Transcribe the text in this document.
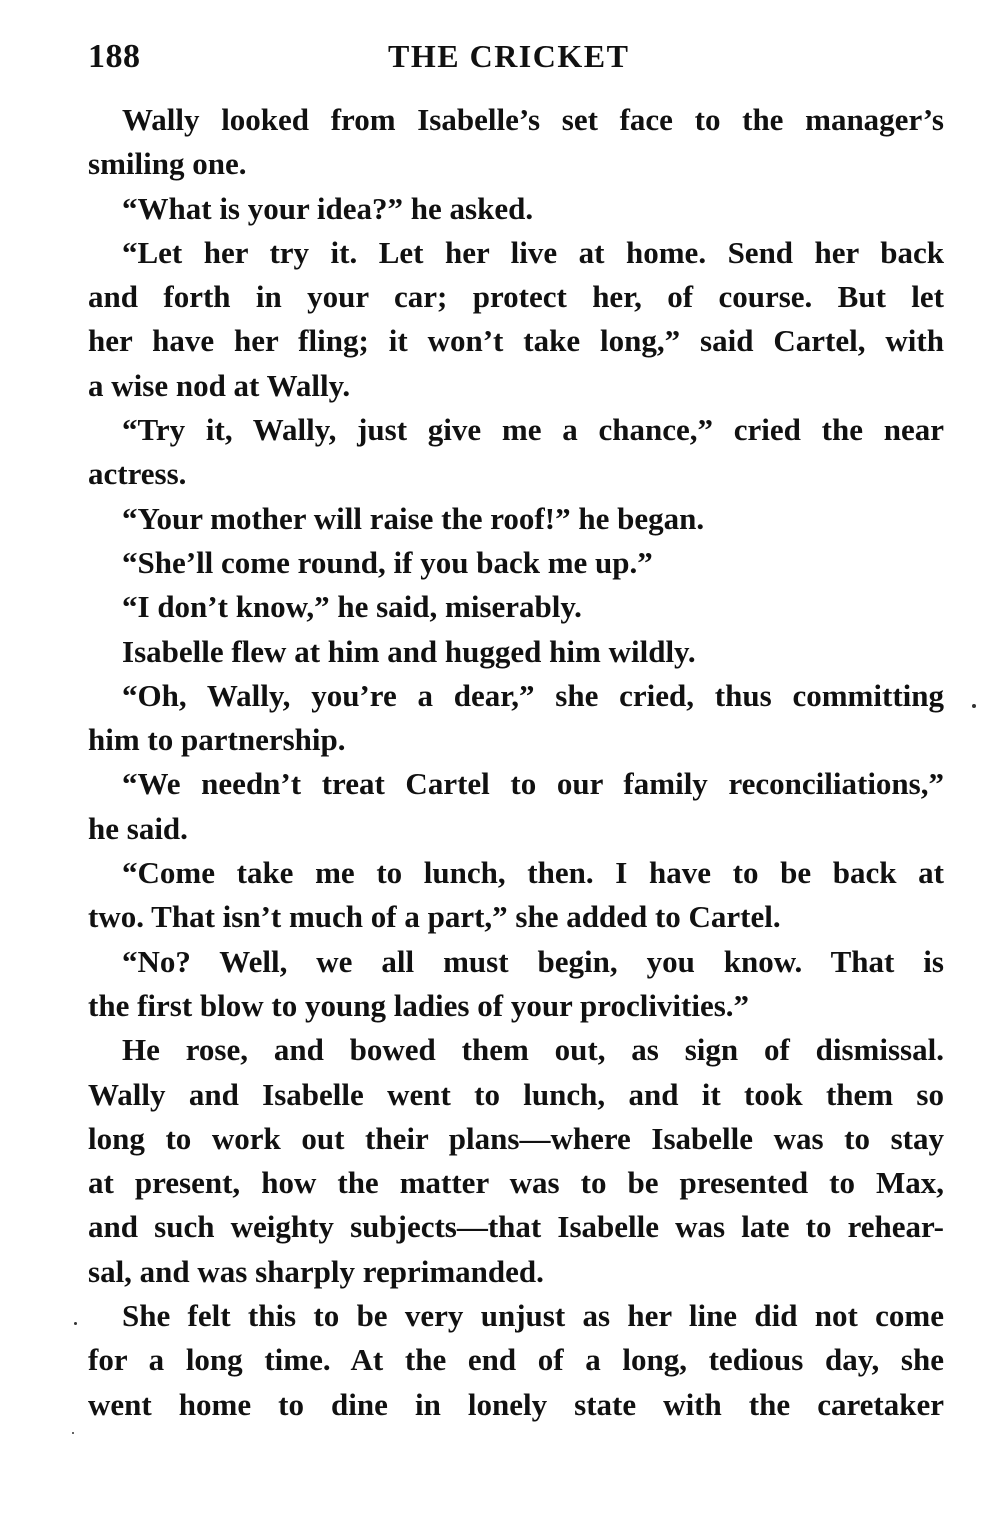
188	THE CRICKET
Wally looked from Isabelle’s set face to the manager’s
smiling one.
“What is your idea?” he asked.
“Let her try it. Let her live at home. Send her back
and forth in your car; protect her, of course. But let
her have her fling; it won’t take long,” said Cartel, with
a wise nod at Wally.
“Try it, Wally, just give me a chance,” cried the near
actress.
“Your mother will raise the roof!” he began.
“She’ll come round, if you back me up.”
“I don’t know,” he said, miserably.
Isabelle flew at him and hugged him wildly.
“Oh, Wally, you’re a dear,” she cried, thus committing
him to partnership.
“We needn’t treat Cartel to our family reconciliations,”
he said.
“Come take me to lunch, then. I have to be back at
two. That isn’t much of a part,” she added to Cartel.
“No? Well, we all must begin, you know. That is
the first blow to young ladies of your proclivities.”
He rose, and bowed them out, as sign of dismissal.
Wally and Isabelle went to lunch, and it took them so
long to work out their plans—where Isabelle was to stay
at present, how the matter was to be presented to Max,
and such weighty subjects—that Isabelle was late to rehear-
sal, and was sharply reprimanded.
She felt this to be very unjust as her line did not come
for a long time. At the end of a long, tedious day, she
went home to dine in lonely state with the caretaker
